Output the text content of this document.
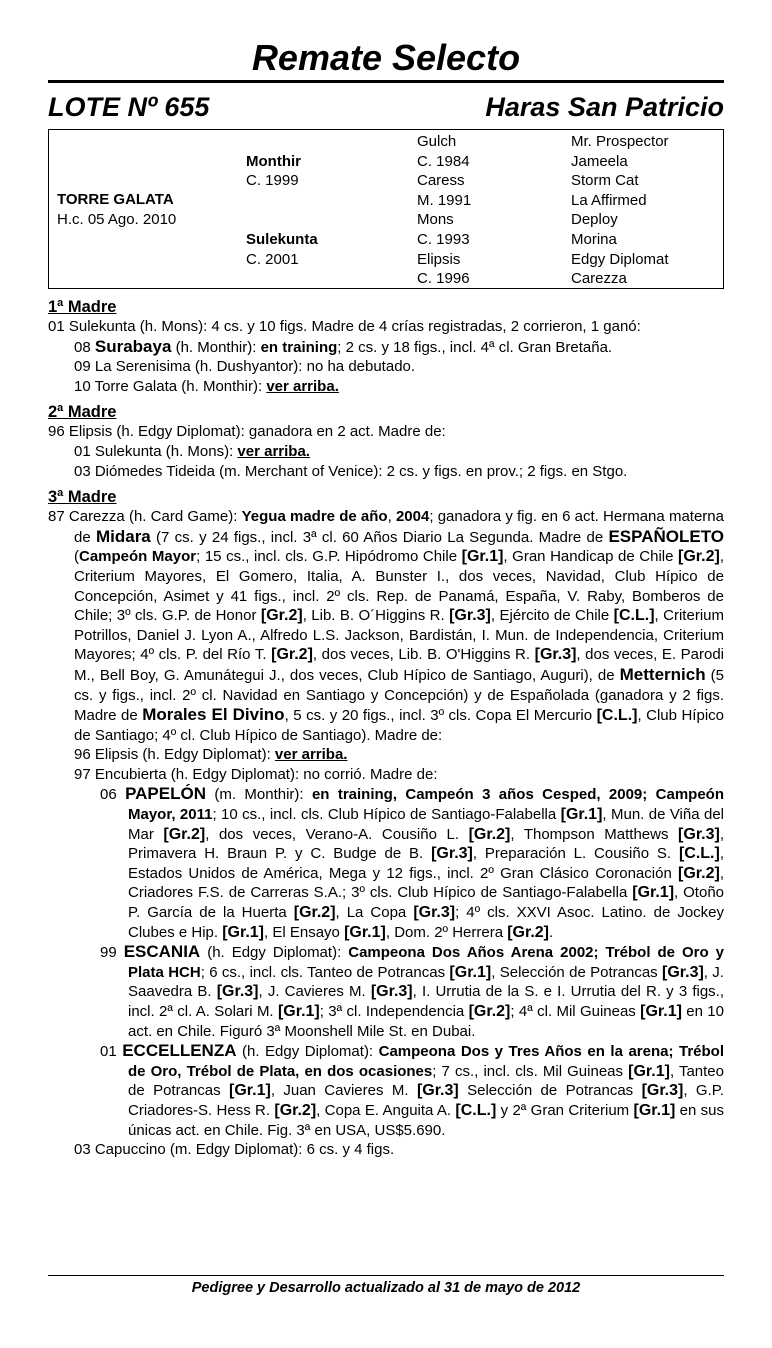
Remate Selecto
LOTE Nº 655	Haras San Patricio
TORRE GALATA
H.c. 05 Ago. 2010

Monthir
C. 1999

Sulekunta
C. 2001
Gulch
C. 1984
Caress
M. 1991
Mons
C. 1993
Elipsis
C. 1996
Mr. Prospector
Jameela
Storm Cat
La Affirmed
Deploy
Morina
Edgy Diplomat
Carezza
1ª Madre
01 Sulekunta (h. Mons): 4 cs. y 10 figs. Madre de 4 crías registradas, 2 corrieron, 1 ganó:
08 Surabaya (h. Monthir): en training; 2 cs. y 18 figs., incl. 4ª cl. Gran Bretaña.
09 La Serenisima (h. Dushyantor): no ha debutado.
10 Torre Galata (h. Monthir): ver arriba.
2ª Madre
96 Elipsis (h. Edgy Diplomat): ganadora en 2 act. Madre de:
01 Sulekunta (h. Mons): ver arriba.
03 Diómedes Tideida (m. Merchant of Venice): 2 cs. y figs. en prov.; 2 figs. en Stgo.
3ª Madre
87 Carezza (h. Card Game): Yegua madre de año, 2004; ganadora y fig. en 6 act. Hermana materna de Midara (7 cs. y 24 figs., incl. 3ª cl. 60 Años Diario La Segunda. Madre de ESPAÑOLETO (Campeón Mayor; 15 cs., incl. cls. G.P. Hipódromo Chile [Gr.1], Gran Handicap de Chile [Gr.2], Criterium Mayores, El Gomero, Italia, A. Bunster I., dos veces, Navidad, Club Hípico de Concepción, Asimet y 41 figs., incl. 2º cls. Rep. de Panamá, España, V. Raby, Bomberos de Chile; 3º cls. G.P. de Honor [Gr.2], Lib. B. O´Higgins R. [Gr.3], Ejército de Chile [C.L.], Criterium Potrillos, Daniel J. Lyon A., Alfredo L.S. Jackson, Bardistán, I. Mun. de Independencia, Criterium Mayores; 4º cls. P. del Río T. [Gr.2], dos veces, Lib. B. O'Higgins R. [Gr.3], dos veces, E. Parodi M., Bell Boy, G. Amunátegui J., dos veces, Club Hípico de Santiago, Auguri), de Metternich (5 cs. y figs., incl. 2º cl. Navidad en Santiago y Concepción) y de Españolada (ganadora y 2 figs. Madre de Morales El Divino, 5 cs. y 20 figs., incl. 3º cls. Copa El Mercurio [C.L.], Club Hípico de Santiago; 4º cl. Club Hípico de Santiago). Madre de:
96 Elipsis (h. Edgy Diplomat): ver arriba.
97 Encubierta (h. Edgy Diplomat): no corrió. Madre de:
06 PAPELÓN (m. Monthir): en training, Campeón 3 años Cesped, 2009; Campeón Mayor, 2011; 10 cs., incl. cls. Club Hípico de Santiago-Falabella [Gr.1], Mun. de Viña del Mar [Gr.2], dos veces, Verano-A. Cousiño L. [Gr.2], Thompson Matthews [Gr.3], Primavera H. Braun P. y C. Budge de B. [Gr.3], Preparación L. Cousiño S. [C.L.], Estados Unidos de América, Mega y 12 figs., incl. 2º Gran Clásico Coronación [Gr.2], Criadores F.S. de Carreras S.A.; 3º cls. Club Hípico de Santiago-Falabella [Gr.1], Otoño P. García de la Huerta [Gr.2], La Copa [Gr.3]; 4º cls. XXVI Asoc. Latino. de Jockey Clubes e Hip. [Gr.1], El Ensayo [Gr.1], Dom. 2º Herrera [Gr.2].
99 ESCANIA (h. Edgy Diplomat): Campeona Dos Años Arena 2002; Trébol de Oro y Plata HCH; 6 cs., incl. cls. Tanteo de Potrancas [Gr.1], Selección de Potrancas [Gr.3], J. Saavedra B. [Gr.3], J. Cavieres M. [Gr.3], I. Urrutia de la S. e I. Urrutia del R. y 3 figs., incl. 2ª cl. A. Solari M. [Gr.1]; 3ª cl. Independencia [Gr.2]; 4ª cl. Mil Guineas [Gr.1] en 10 act. en Chile. Figuró 3ª Moonshell Mile St. en Dubai.
01 ECCELLENZA (h. Edgy Diplomat): Campeona Dos y Tres Años en la arena; Trébol de Oro, Trébol de Plata, en dos ocasiones; 7 cs., incl. cls. Mil Guineas [Gr.1], Tanteo de Potrancas [Gr.1], Juan Cavieres M. [Gr.3] Selección de Potrancas [Gr.3], G.P. Criadores-S. Hess R. [Gr.2], Copa E. Anguita A. [C.L.] y 2ª Gran Criterium [Gr.1] en sus únicas act. en Chile. Fig. 3ª en USA, US$5.690.
03 Capuccino (m. Edgy Diplomat): 6 cs. y 4 figs.
Pedigree y Desarrollo actualizado al 31 de mayo de 2012
